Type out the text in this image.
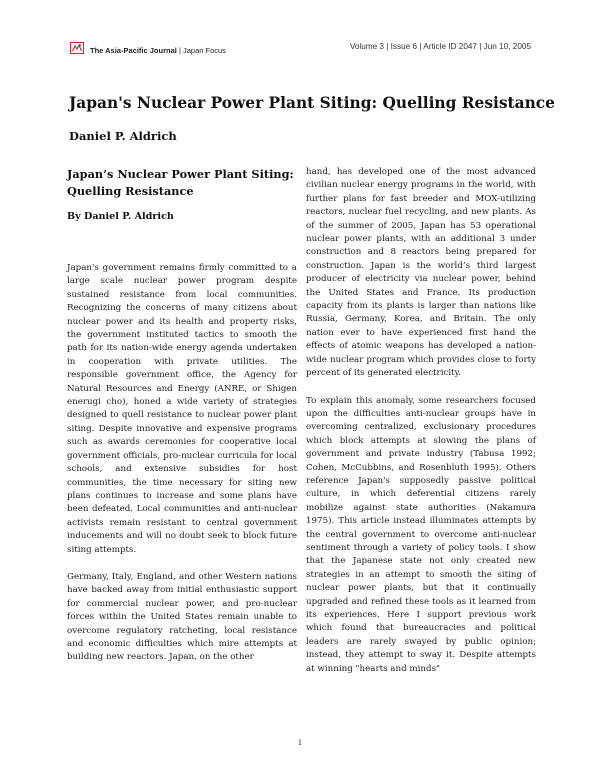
The Asia-Pacific Journal | Japan Focus	Volume 3 | Issue 6 | Article ID 2047 | Jun 10, 2005
Japan's Nuclear Power Plant Siting: Quelling Resistance
Daniel P. Aldrich
Japan’s Nuclear Power Plant Siting: Quelling Resistance

By Daniel P. Aldrich

Japan's government remains firmly committed to a large scale nuclear power program despite sustained resistance from local communities. Recognizing the concerns of many citizens about nuclear power and its health and property risks, the government instituted tactics to smooth the path for its nation-wide energy agenda undertaken in cooperation with private utilities. The responsible government office, the Agency for Natural Resources and Energy (ANRE, or Shigen enerugi cho), honed a wide variety of strategies designed to quell resistance to nuclear power plant siting. Despite innovative and expensive programs such as awards ceremonies for cooperative local government officials, pro-nuclear curricula for local schools, and extensive subsidies for host communities, the time necessary for siting new plans continues to increase and some plans have been defeated. Local communities and anti-nuclear activists remain resistant to central government inducements and will no doubt seek to block future siting attempts.

Germany, Italy, England, and other Western nations have backed away from initial enthusiastic support for commercial nuclear power, and pro-nuclear forces within the United States remain unable to overcome regulatory ratcheting, local resistance and economic difficulties which mire attempts at building new reactors. Japan, on the other

hand, has developed one of the most advanced civilian nuclear energy programs in the world, with further plans for fast breeder and MOX-utilizing reactors, nuclear fuel recycling, and new plants. As of the summer of 2005, Japan has 53 operational nuclear power plants, with an additional 3 under construction and 8 reactors being prepared for construction. Japan is the world’s third largest producer of electricity via nuclear power, behind the United States and France. Its production capacity from its plants is larger than nations like Russia, Germany, Korea, and Britain. The only nation ever to have experienced first hand the effects of atomic weapons has developed a nation-wide nuclear program which provides close to forty percent of its generated electricity.

To explain this anomaly, some researchers focused upon the difficulties anti-nuclear groups have in overcoming centralized, exclusionary procedures which block attempts at slowing the plans of government and private industry (Tabusa 1992; Cohen, McCubbins, and Rosenbluth 1995). Others reference Japan's supposedly passive political culture, in which deferential citizens rarely mobilize against state authorities (Nakamura 1975). This article instead illuminates attempts by the central government to overcome anti-nuclear sentiment through a variety of policy tools. I show that the Japanese state not only created new strategies in an attempt to smooth the siting of nuclear power plants, but that it continually upgraded and refined these tools as it learned from its experiences. Here I support previous work which found that bureaucracies and political leaders are rarely swayed by public opinion; instead, they attempt to sway it. Despite attempts at winning "hearts and minds"

1
